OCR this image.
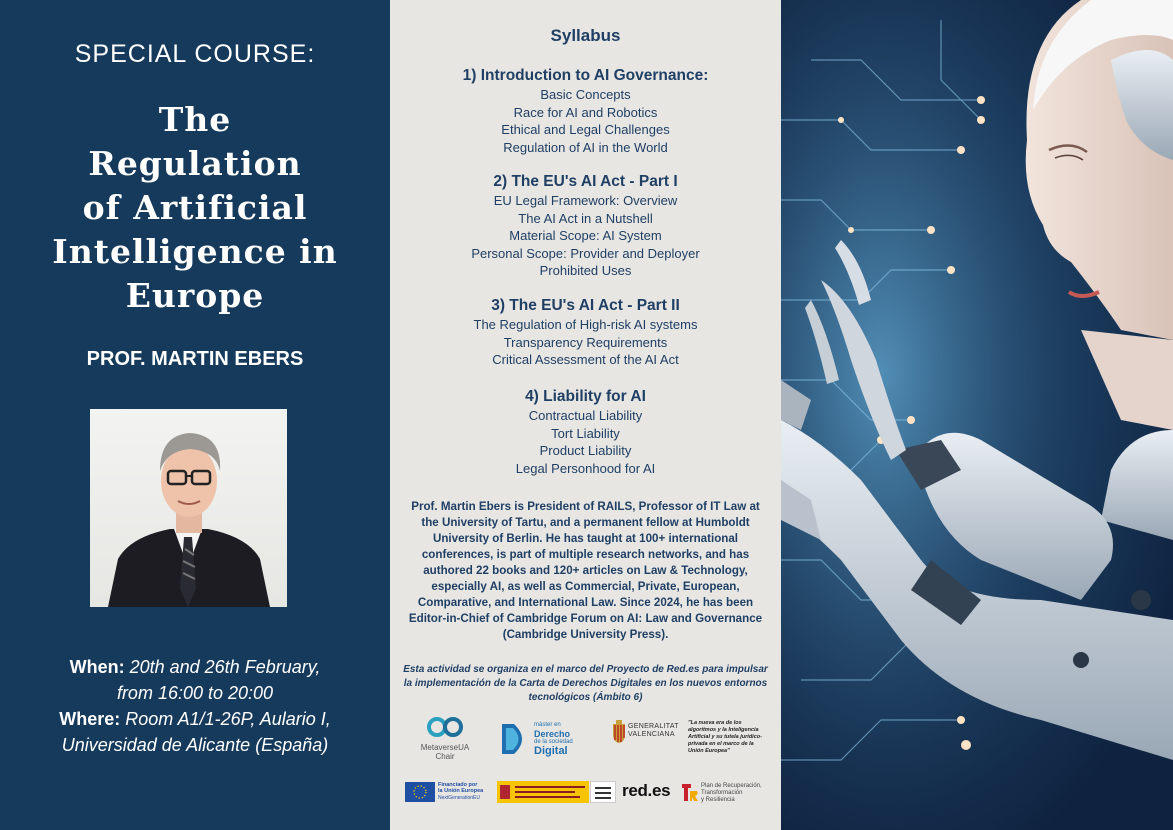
SPECIAL COURSE:
The
Regulation
of Artificial
Intelligence in
Europe
PROF. MARTIN EBERS
When: 20th and 26th February,
from 16:00 to 20:00
Where: Room A1/1-26P, Aulario I,
Universidad de Alicante (España)
Syllabus
1) Introduction to AI Governance:
Basic Concepts
Race for AI and Robotics
Ethical and Legal Challenges
Regulation of AI in the World
2) The EU's AI Act - Part I
EU Legal Framework: Overview
The AI Act in a Nutshell
Material Scope: AI System
Personal Scope: Provider and Deployer
Prohibited Uses
3) The EU's AI Act - Part II
The Regulation of High-risk AI systems
Transparency Requirements
Critical Assessment of the AI Act
4) Liability for AI
Contractual Liability
Tort Liability
Product Liability
Legal Personhood for AI
Prof. Martin Ebers is President of RAILS, Professor of IT Law at the University of Tartu, and a permanent fellow at Humboldt University of Berlin. He has taught at 100+ international conferences, is part of multiple research networks, and has authored 22 books and 120+ articles on Law & Technology, especially AI, as well as Commercial, Private, European, Comparative, and International Law. Since 2024, he has been Editor-in-Chief of Cambridge Forum on AI: Law and Governance (Cambridge University Press).
Esta actividad se organiza en el marco del Proyecto de Red.es para impulsar la implementación de la Carta de Derechos Digitales en los nuevos entornos tecnológicos (Ámbito 6)
MetaverseUA
Chair
màster en
Derecho
de la sociedad
Digital
GENERALITAT
VALENCIANA
"La nueva era de los algoritmos y la Inteligencia Artificial y su tutela jurídico-privada en el marco de la Unión Europea"
Financiado por
la Unión Europea
NextGenerationEU	red.es	Plan de Recuperación,
Transformación
y Resiliencia
